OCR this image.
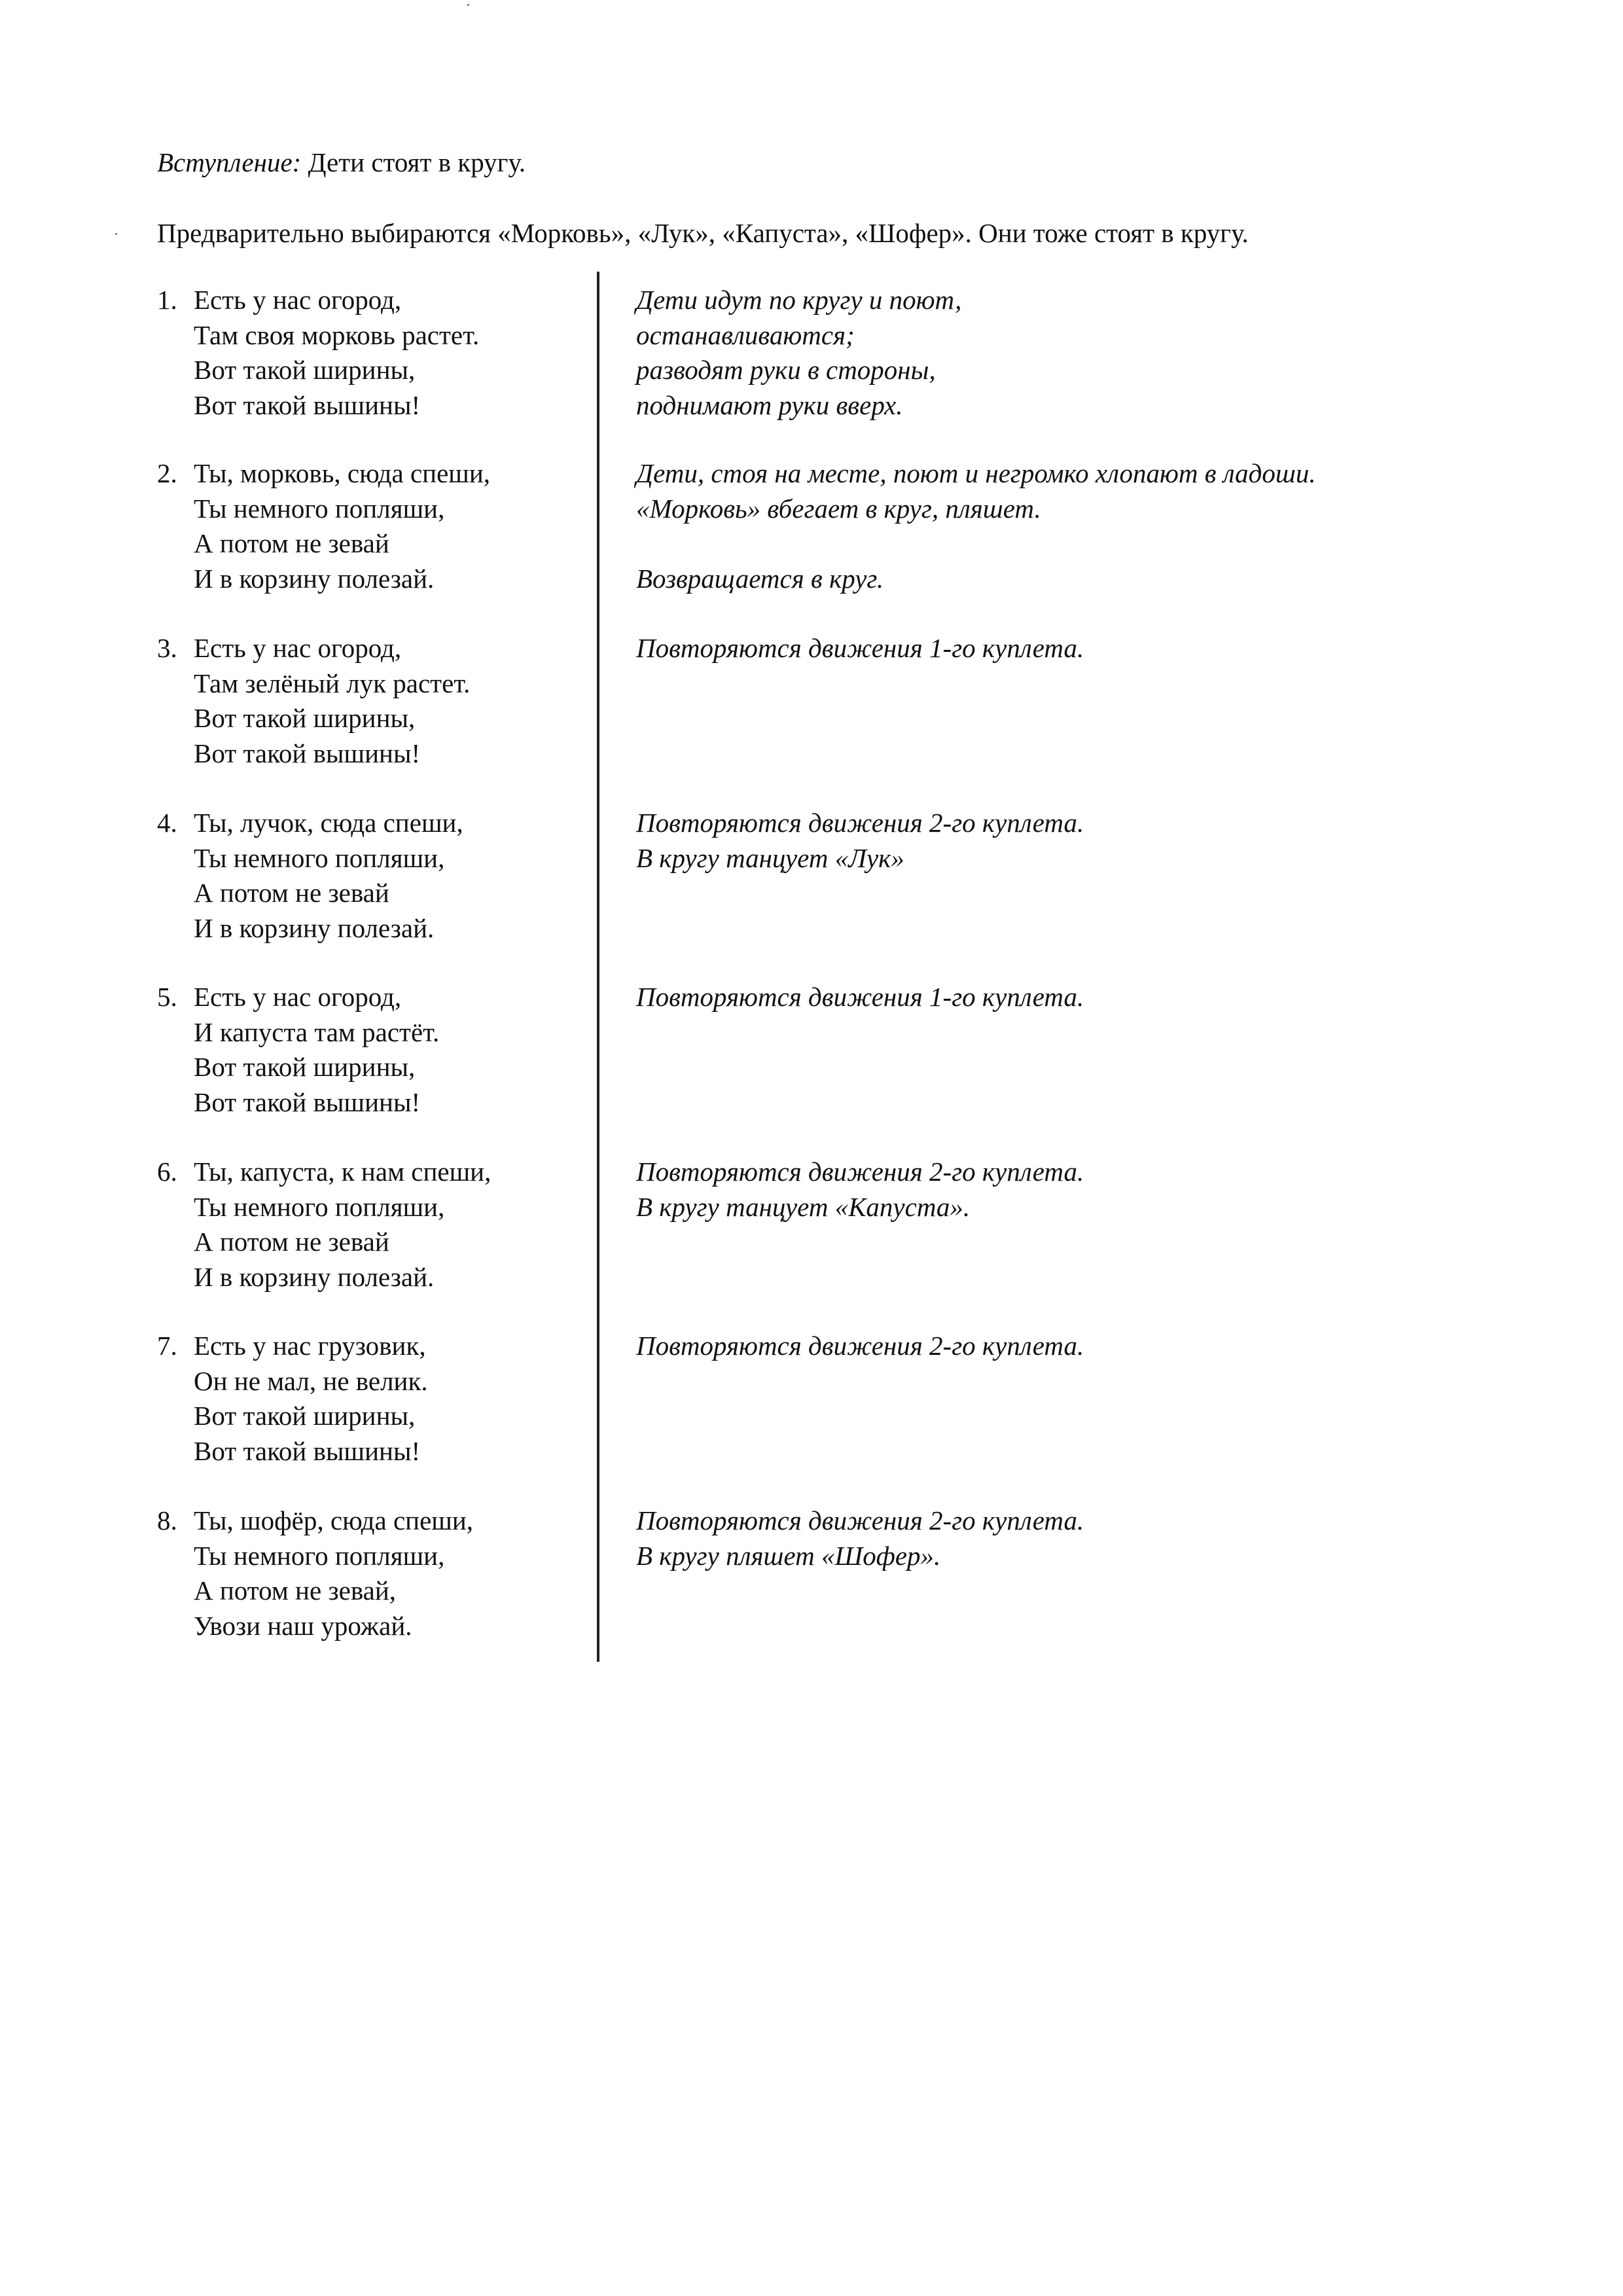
Вступление: Дети стоят в кругу.
Предварительно выбираются «Морковь», «Лук», «Капуста», «Шофер». Они тоже стоят в кругу.
1. Есть у нас огород,
Там своя морковь растет.
Вот такой ширины,
Вот такой вышины!
Дети идут по кругу и поют,
останавливаются;
разводят руки в стороны,
поднимают руки вверх.
2. Ты, морковь, сюда спеши,
Ты немного попляши,
А потом не зевай
И в корзину полезай.
Дети, стоя на месте, поют и негромко хлопают в ладоши.
«Морковь» вбегает в круг, пляшет.
Возвращается в круг.
3. Есть у нас огород,
Там зелёный лук растет.
Вот такой ширины,
Вот такой вышины!
Повторяются движения 1-го куплета.
4. Ты, лучок, сюда спеши,
Ты немного попляши,
А потом не зевай
И в корзину полезай.
Повторяются движения 2-го куплета.
В кругу танцует «Лук»
5. Есть у нас огород,
И капуста там растёт.
Вот такой ширины,
Вот такой вышины!
Повторяются движения 1-го куплета.
6. Ты, капуста, к нам спеши,
Ты немного попляши,
А потом не зевай
И в корзину полезай.
Повторяются движения 2-го куплета.
В кругу танцует «Капуста».
7. Есть у нас грузовик,
Он не мал, не велик.
Вот такой ширины,
Вот такой вышины!
Повторяются движения 2-го куплета.
8. Ты, шофёр, сюда спеши,
Ты немного попляши,
А потом не зевай,
Увози наш урожай.
Повторяются движения 2-го куплета.
В кругу пляшет «Шофер».
